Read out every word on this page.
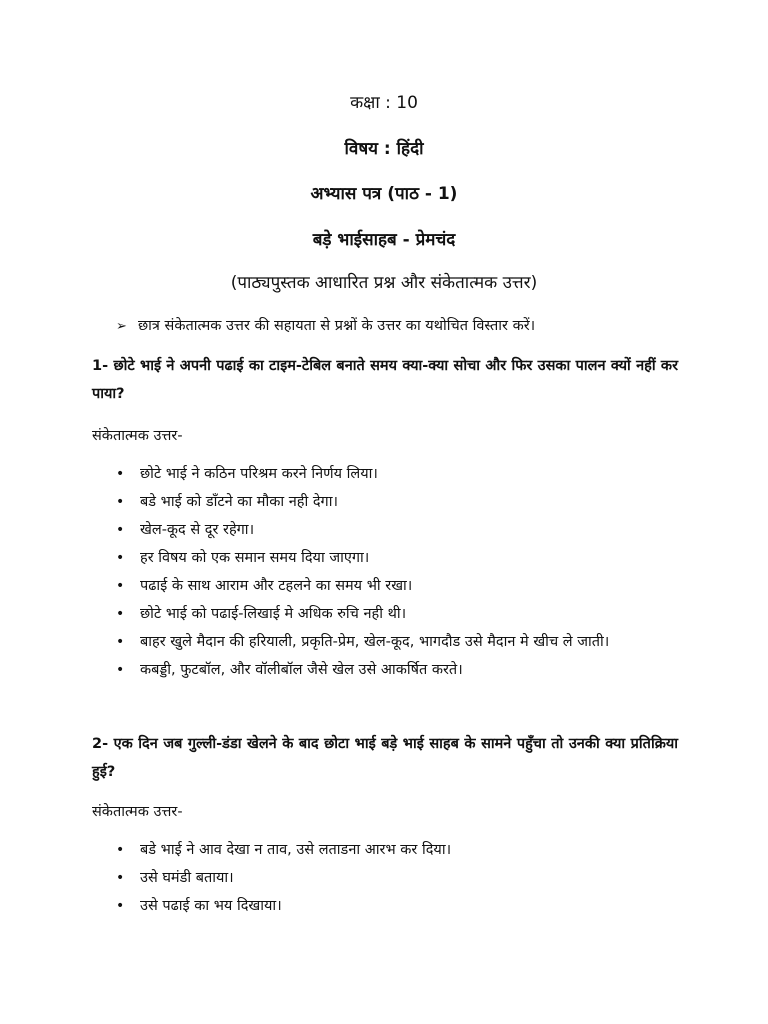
कक्षा : 10
विषय : हिंदी
अभ्यास पत्र (पाठ - 1)
बड़े भाईसाहब - प्रेमचंद
(पाठ्यपुस्तक आधारित प्रश्न और संकेतात्मक उत्तर)
➢ छात्र संकेतात्मक उत्तर की सहायता से प्रश्नों के उत्तर का यथोचित विस्तार करें।
1- छोटे भाई ने अपनी पढाई का टाइम-टेबिल बनाते समय क्या-क्या सोचा और फिर उसका पालन क्यों नहीं कर पाया?
संकेतात्मक उत्तर-
• छोटे भाई ने कठिन परिश्रम करने निर्णय लिया।
• बडे भाई को डाँटने का मौका नही देगा।
• खेल-कूद से दूर रहेगा।
• हर विषय को एक समान समय दिया जाएगा।
• पढाई के साथ आराम और टहलने का समय भी रखा।
• छोटे भाई को पढाई-लिखाई मे अधिक रुचि नही थी।
• बाहर खुले मैदान की हरियाली, प्रकृति-प्रेम, खेल-कूद, भागदौड उसे मैदान मे खीच ले जाती।
• कबड्डी, फुटबॉल, और वॉलीबॉल जैसे खेल उसे आकर्षित करते।
2- एक दिन जब गुल्ली-डंडा खेलने के बाद छोटा भाई बड़े भाई साहब के सामने पहुँचा तो उनकी क्या प्रतिक्रिया हुई?
संकेतात्मक उत्तर-
• बडे भाई ने आव देखा न ताव, उसे लताडना आरभ कर दिया।
• उसे घमंडी बताया।
• उसे पढाई का भय दिखाया।
